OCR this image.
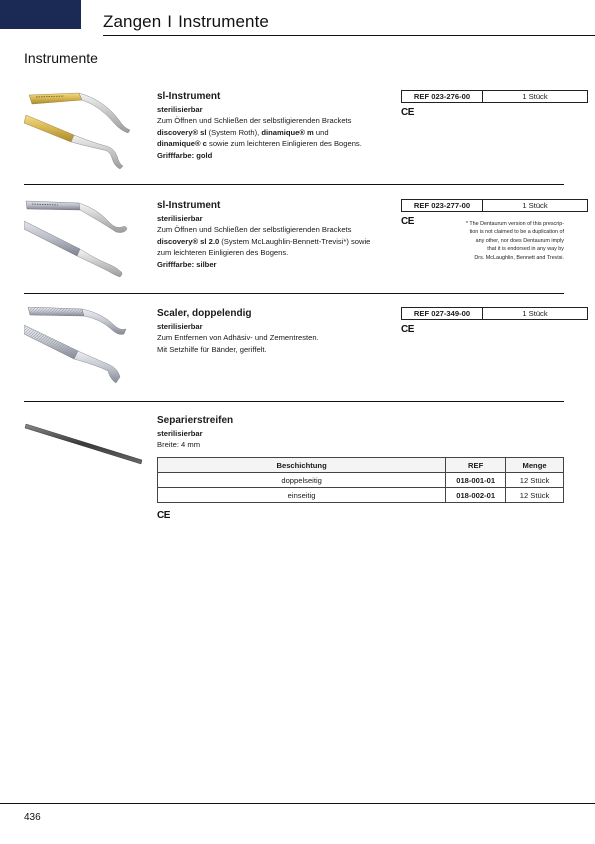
Zangen I Instrumente
Instrumente
sl-Instrument
sterilisierbar
Zum Öffnen und Schließen der selbstligierenden Brackets
discovery® sl (System Roth), dinamique® m und
dinamique® c sowie zum leichteren Einligieren des Bogens.
Grifffarbe: gold
REF 023-276-00	1 Stück
CE
sl-Instrument
sterilisierbar
Zum Öffnen und Schließen der selbstligierenden Brackets
discovery® sl 2.0 (System McLaughlin-Bennett-Trevisi*) sowie
zum leichteren Einligieren des Bogens.
Grifffarbe: silber
REF 023-277-00	1 Stück
CE	* The Dentaurum version of this prescrip-
tion is not claimed to be a duplication of
any other, nor does Dentaurum imply
that it is endorsed in any way by
Drs. McLaughlin, Bennett and Trevisi.
Scaler, doppelendig
sterilisierbar
Zum Entfernen von Adhäsiv- und Zementresten.
Mit Setzhilfe für Bänder, geriffelt.
REF 027-349-00	1 Stück
CE
Separierstreifen
sterilisierbar
Breite: 4 mm
CE
Beschichtung	REF	Menge
doppelseitig	018-001-01	12 Stück
einseitig	018-002-01	12 Stück
436
